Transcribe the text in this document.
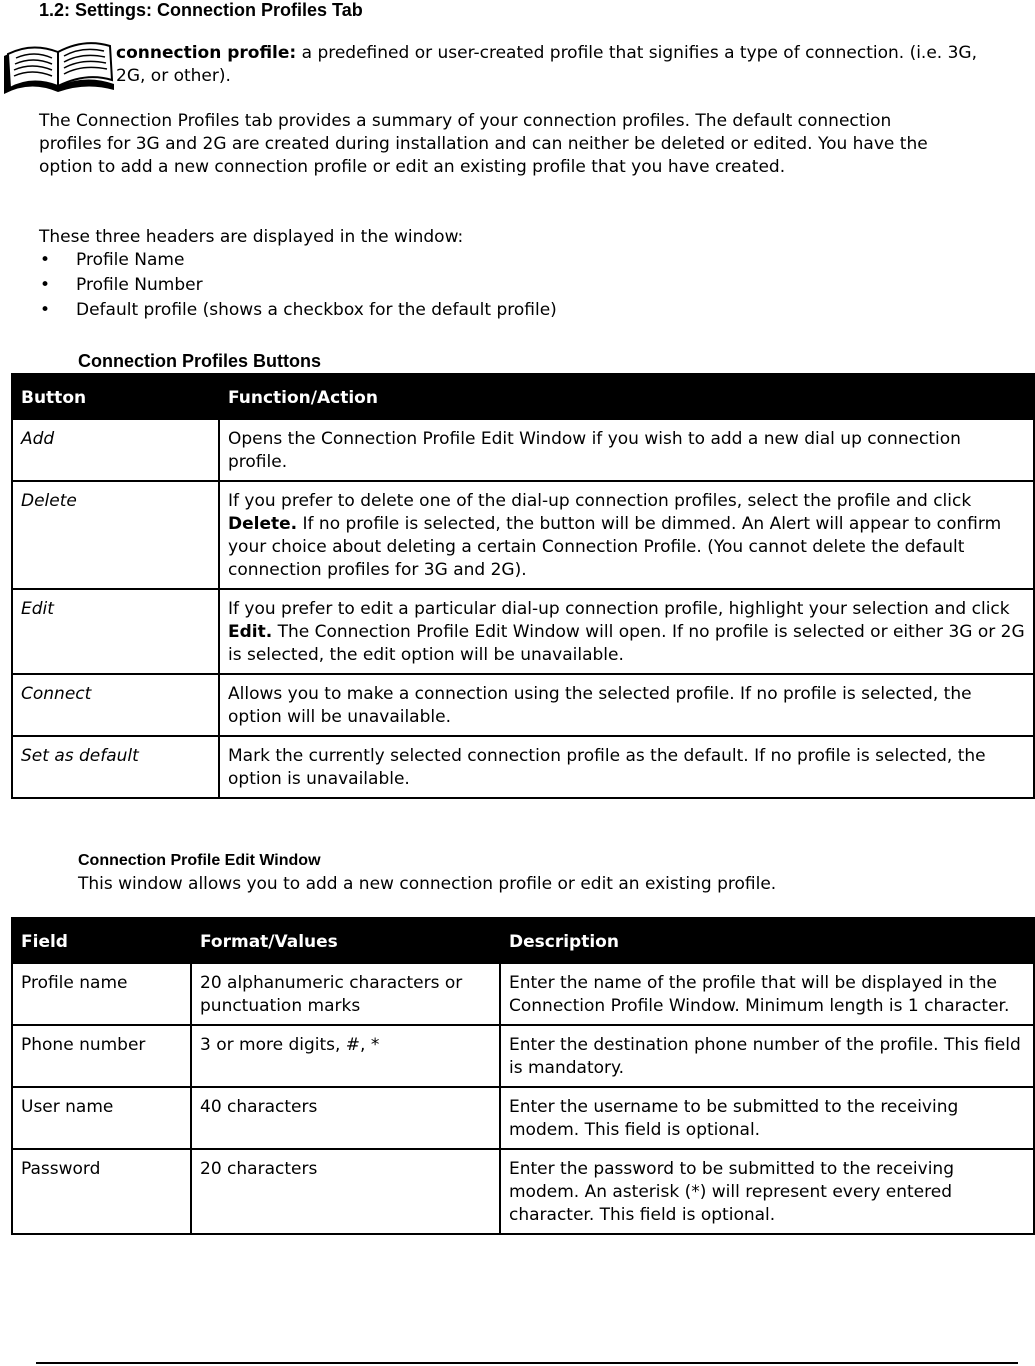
1.2: Settings: Connection Profiles Tab
connection profile: a predefined or user-created profile that signifies a type of connection. (i.e. 3G, 2G, or other).
The Connection Profiles tab provides a summary of your connection profiles. The default connection profiles for 3G and 2G are created during installation and can neither be deleted or edited. You have the option to add a new connection profile or edit an existing profile that you have created.
These three headers are displayed in the window:
• Profile Name
• Profile Number
• Default profile (shows a checkbox for the default profile)
Connection Profiles Buttons
Button	Function/Action
Add	Opens the Connection Profile Edit Window if you wish to add a new dial up connection profile.
Delete	If you prefer to delete one of the dial-up connection profiles, select the profile and click Delete. If no profile is selected, the button will be dimmed. An Alert will appear to confirm your choice about deleting a certain Connection Profile. (You cannot delete the default connection profiles for 3G and 2G).
Edit	If you prefer to edit a particular dial-up connection profile, highlight your selection and click Edit. The Connection Profile Edit Window will open. If no profile is selected or either 3G or 2G is selected, the edit option will be unavailable.
Connect	Allows you to make a connection using the selected profile. If no profile is selected, the option will be unavailable.
Set as default	Mark the currently selected connection profile as the default. If no profile is selected, the option is unavailable.
Connection Profile Edit Window
This window allows you to add a new connection profile or edit an existing profile.
Field	Format/Values	Description
Profile name	20 alphanumeric characters or punctuation marks	Enter the name of the profile that will be displayed in the Connection Profile Window. Minimum length is 1 character.
Phone number	3 or more digits, #, *	Enter the destination phone number of the profile. This field is mandatory.
User name	40 characters	Enter the username to be submitted to the receiving modem. This field is optional.
Password	20 characters	Enter the password to be submitted to the receiving modem. An asterisk (*) will represent every entered character. This field is optional.
